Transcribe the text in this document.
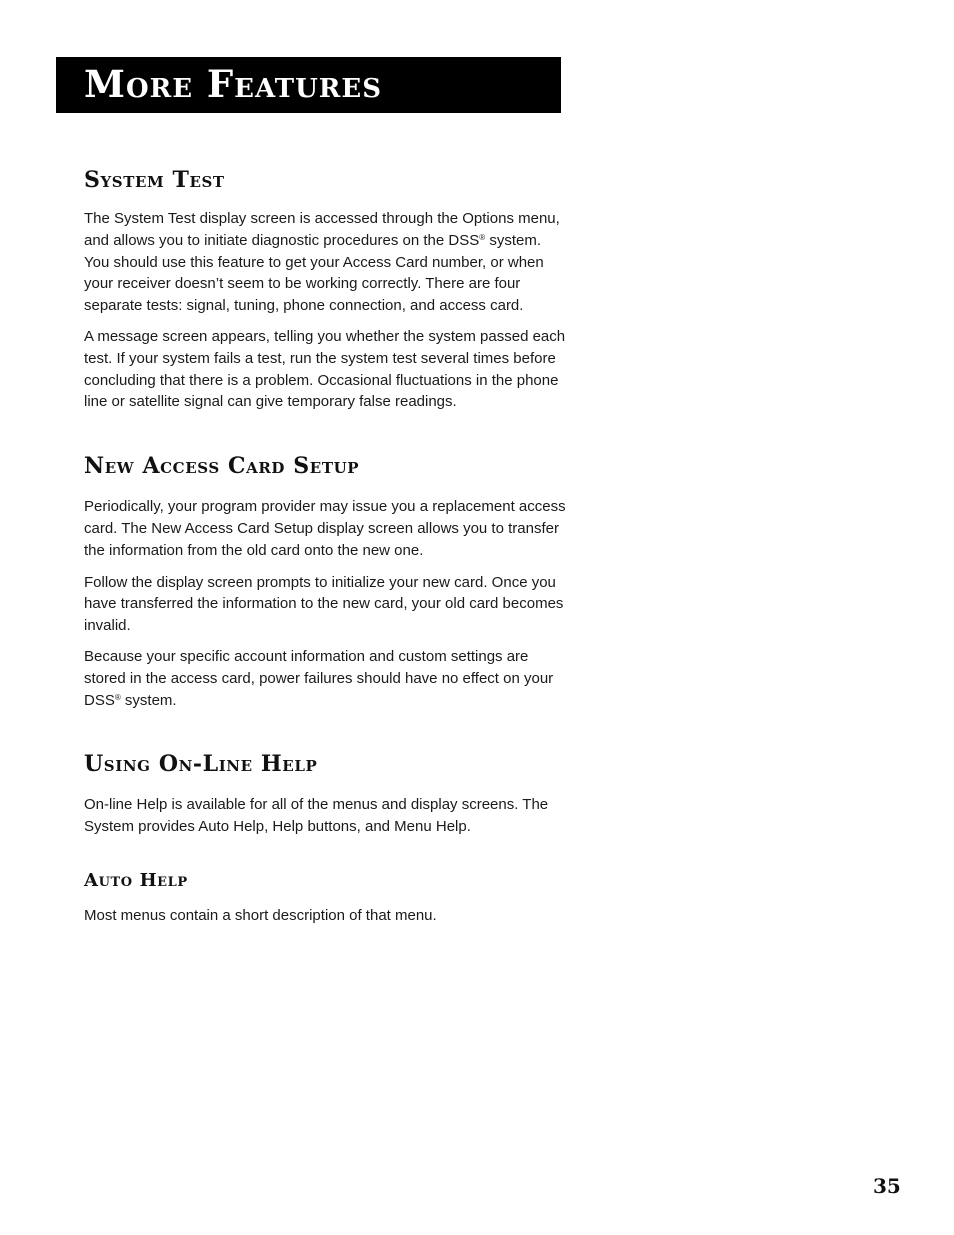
More Features
System Test

The System Test display screen is accessed through the Options menu, and allows you to initiate diagnostic procedures on the DSS® system. You should use this feature to get your Access Card number, or when your receiver doesn’t seem to be working correctly. There are four separate tests: signal, tuning, phone connection, and access card.

A message screen appears, telling you whether the system passed each test. If your system fails a test, run the system test several times before concluding that there is a problem. Occasional fluctuations in the phone line or satellite signal can give temporary false readings.

New Access Card Setup

Periodically, your program provider may issue you a replacement access card. The New Access Card Setup display screen allows you to transfer the information from the old card onto the new one.

Follow the display screen prompts to initialize your new card. Once you have transferred the information to the new card, your old card becomes invalid.

Because your specific account information and custom settings are stored in the access card, power failures should have no effect on your DSS® system.

Using On-Line Help

On-line Help is available for all of the menus and display screens. The System provides Auto Help, Help buttons, and Menu Help.

Auto Help

Most menus contain a short description of that menu.

35
